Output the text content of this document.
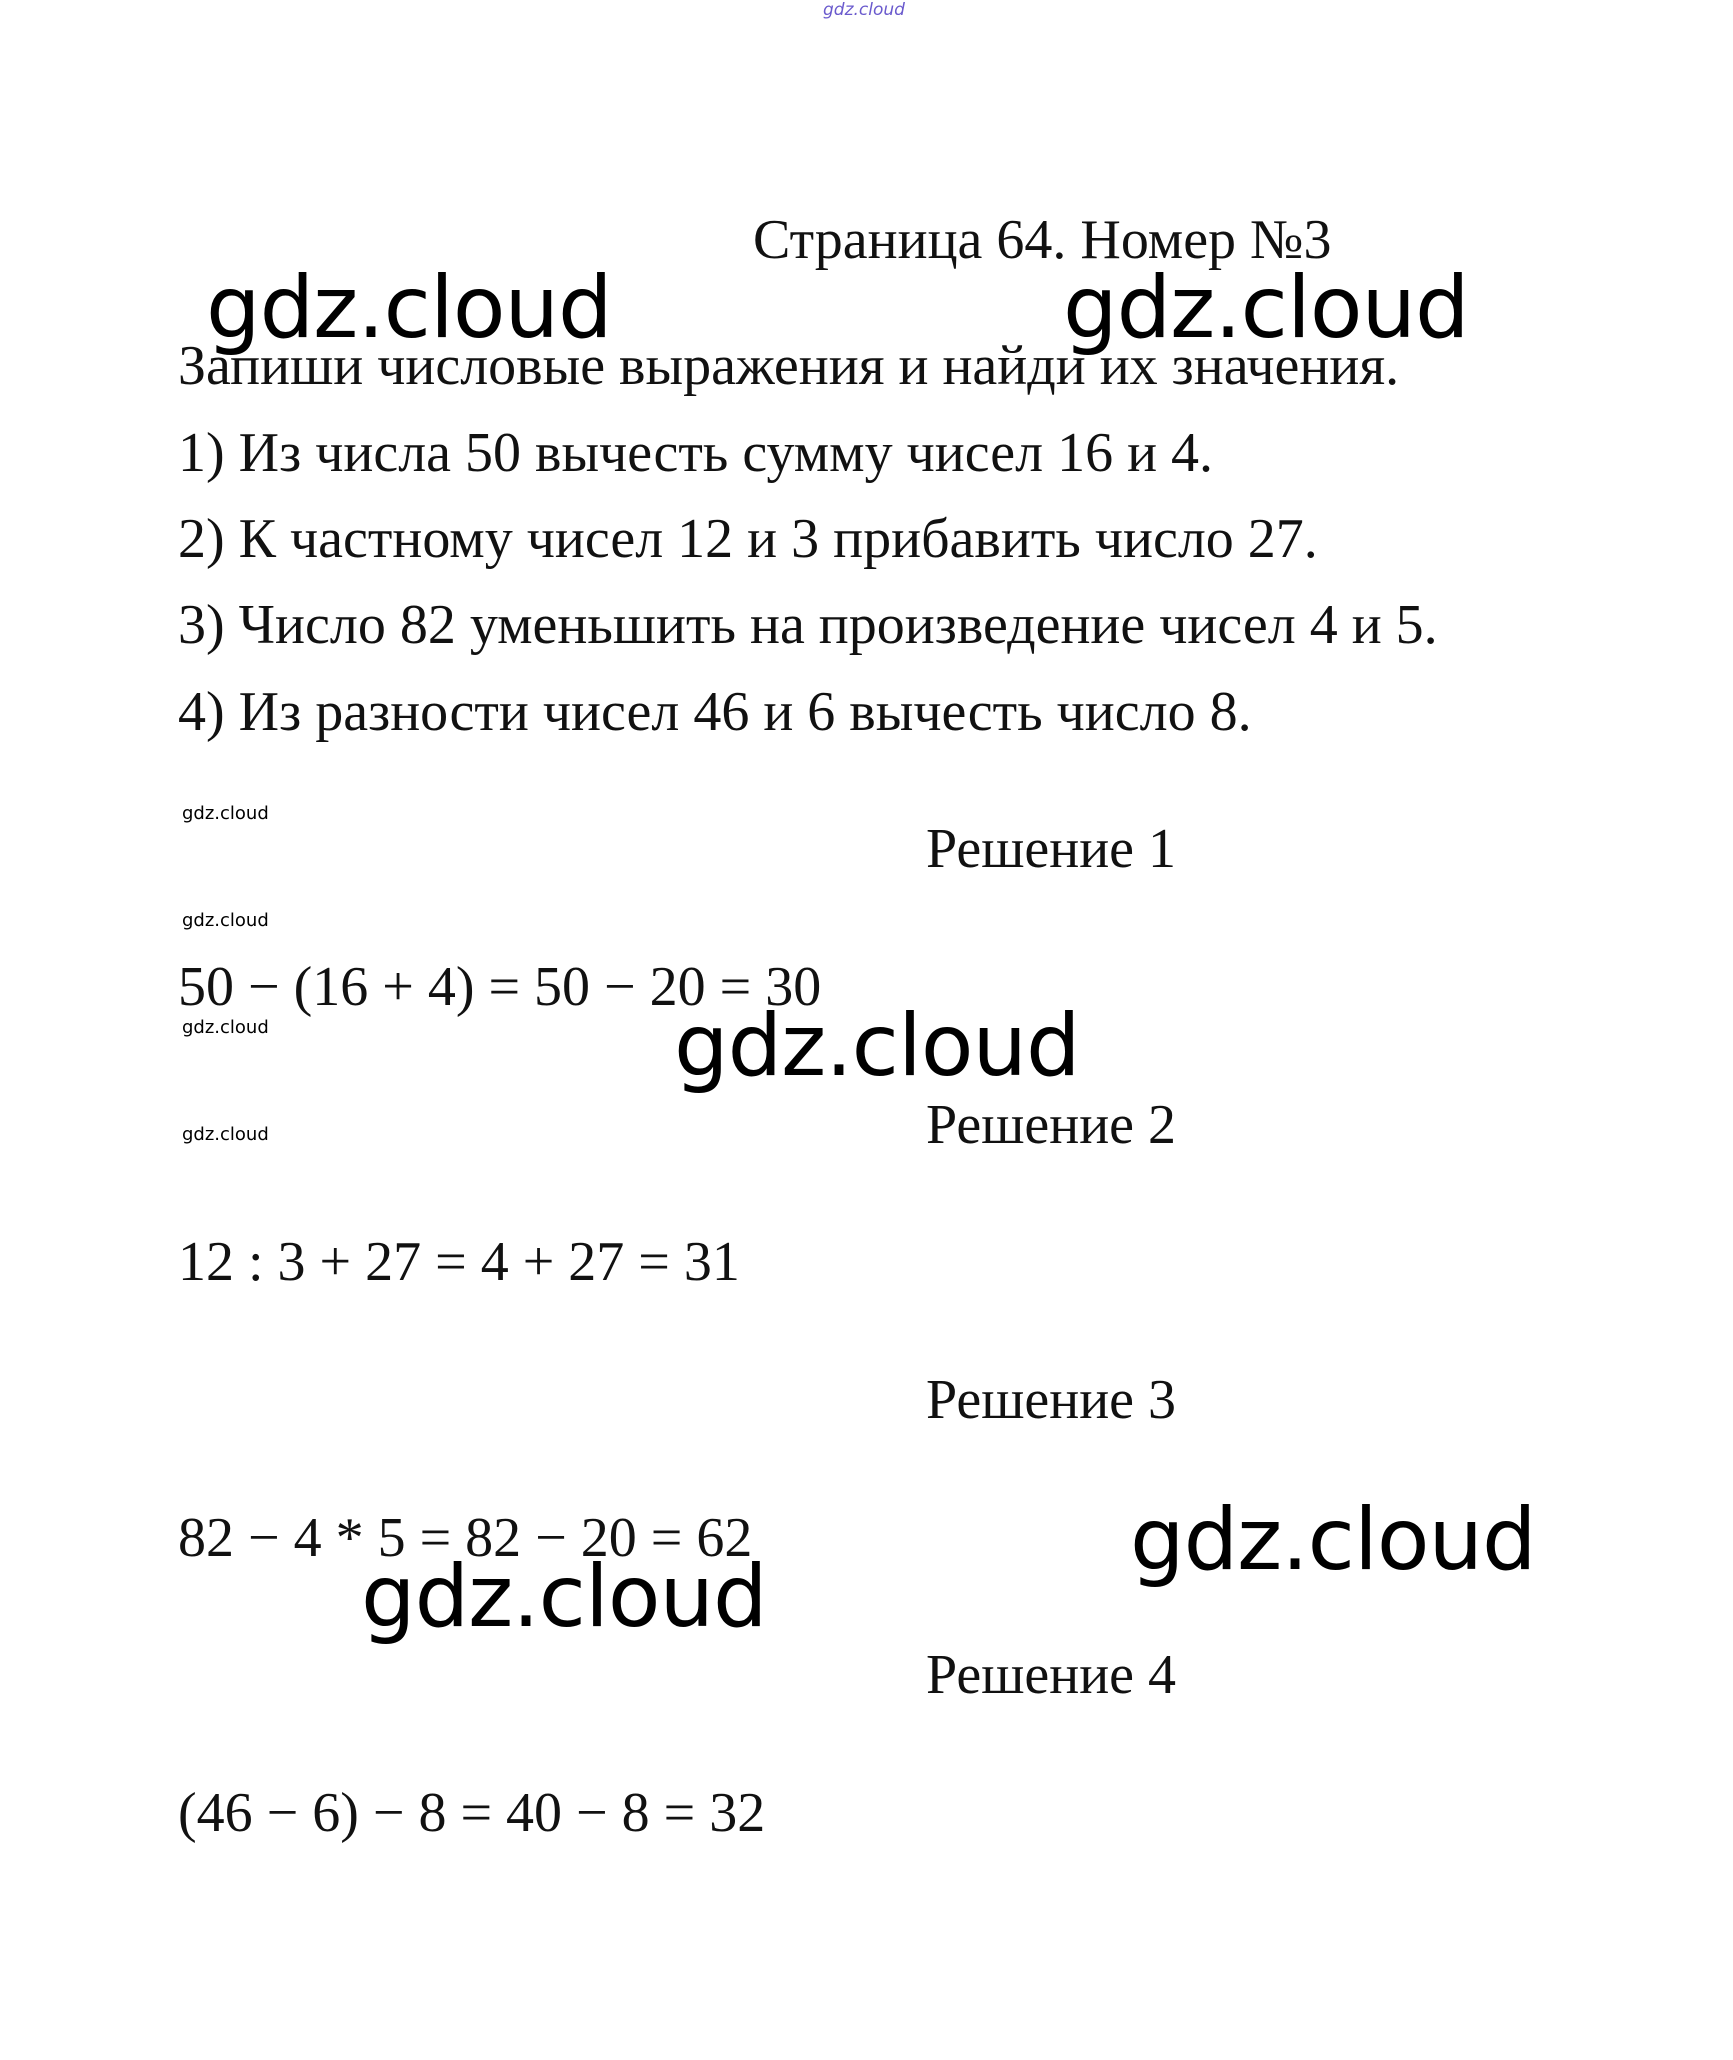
gdz.cloud
Страница 64. Номер №3
gdz.cloud	gdz.cloud
Запиши числовые выражения и найди их значения.
1) Из числа 50 вычесть сумму чисел 16 и 4.
2) К частному чисел 12 и 3 прибавить число 27.
3) Число 82 уменьшить на произведение чисел 4 и 5.
4) Из разности чисел 46 и 6 вычесть число 8.
gdz.cloud
gdz.cloud
gdz.cloud
gdz.cloud
Решение 1
50 − (16 + 4) = 50 − 20 = 30
gdz.cloud
Решение 2
12 : 3 + 27 = 4 + 27 = 31
Решение 3
82 − 4 * 5 = 82 − 20 = 62	gdz.cloud
gdz.cloud
Решение 4
(46 − 6) − 8 = 40 − 8 = 32
